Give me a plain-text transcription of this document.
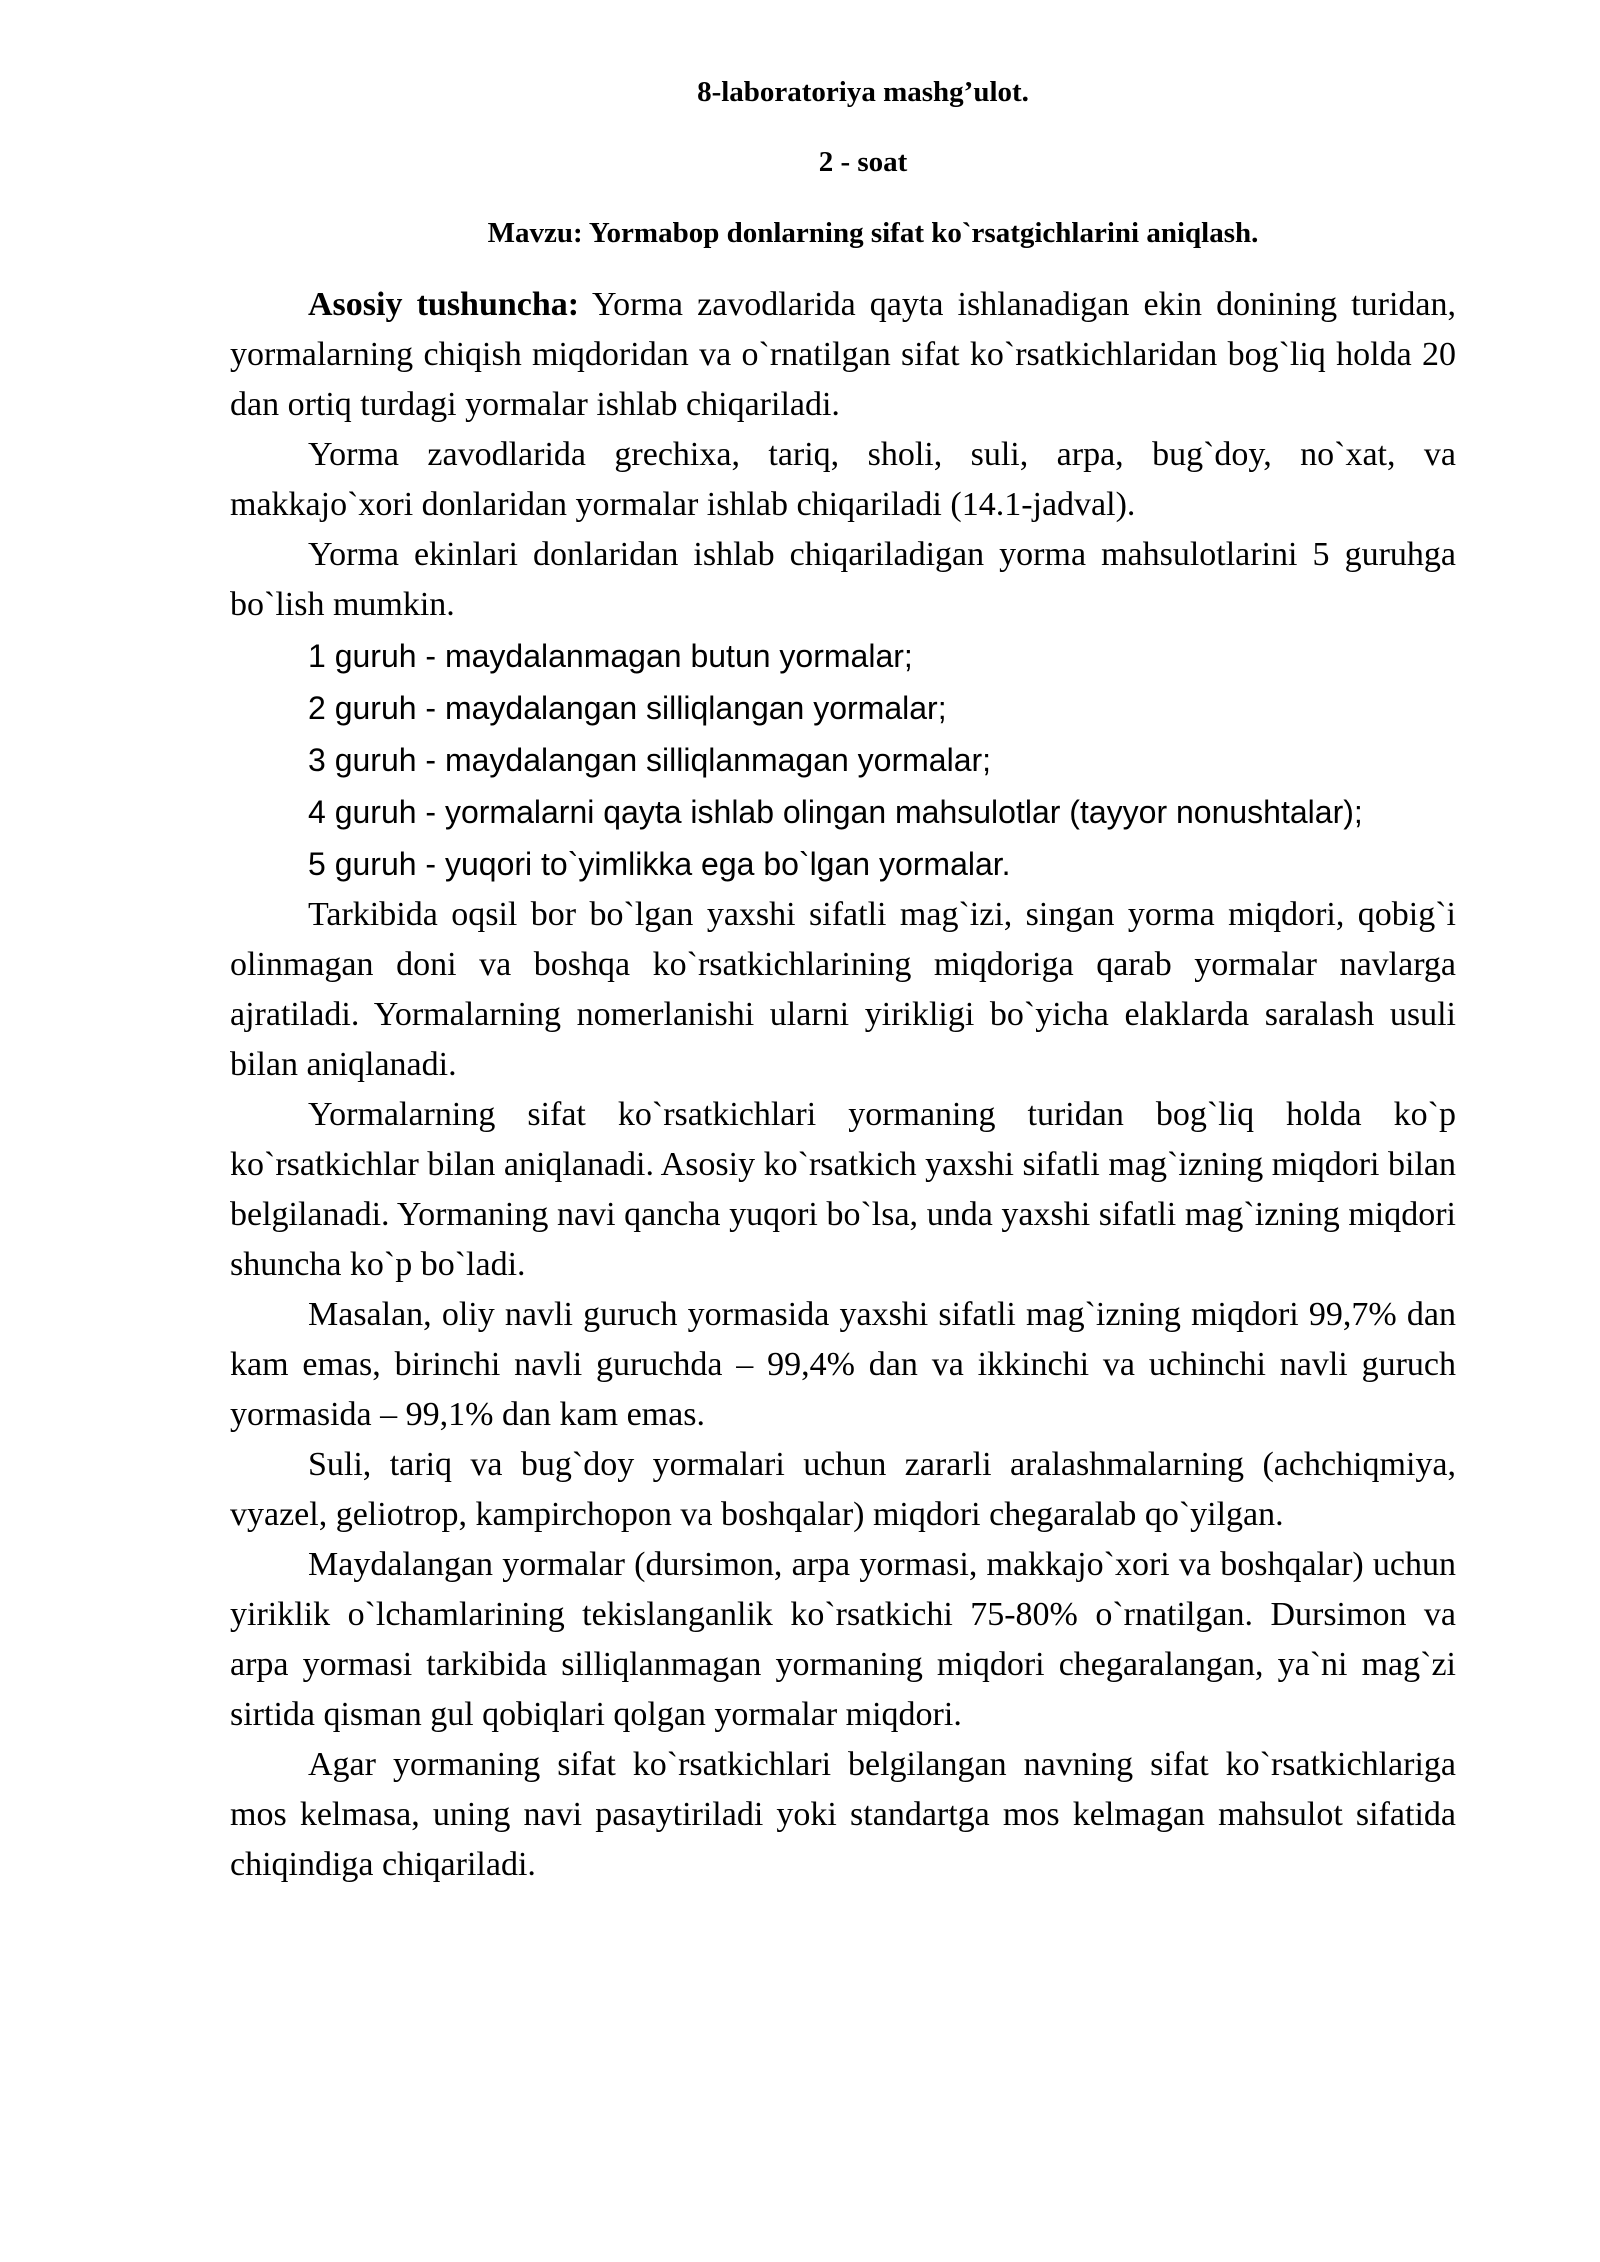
8-laboratoriya mashg’ulot.

2 - soat

Mavzu: Yormabop donlarning sifat ko`rsatgichlarini aniqlash.

Asosiy tushuncha: Yorma zavodlarida qayta ishlanadigan ekin donining turidan, yormalarning chiqish miqdoridan va o`rnatilgan sifat ko`rsatkichlaridan bog`liq holda 20 dan ortiq turdagi yormalar ishlab chiqariladi.

Yorma zavodlarida grechixa, tariq, sholi, suli, arpa, bug`doy, no`xat, va makkajo`xori donlaridan yormalar ishlab chiqariladi (14.1-jadval).

Yorma ekinlari donlaridan ishlab chiqariladigan yorma mahsulotlarini 5 guruhga bo`lish mumkin.

1 guruh - maydalanmagan butun yormalar;

2 guruh - maydalangan silliqlangan yormalar;

3 guruh - maydalangan silliqlanmagan yormalar;

4 guruh - yormalarni qayta ishlab olingan mahsulotlar (tayyor nonushtalar);

5 guruh - yuqori to`yimlikka ega bo`lgan yormalar.

Tarkibida oqsil bor bo`lgan yaxshi sifatli mag`izi, singan yorma miqdori, qobig`i olinmagan doni va boshqa ko`rsatkichlarining miqdoriga qarab yormalar navlarga ajratiladi. Yormalarning nomerlanishi ularni yirikligi bo`yicha elaklarda saralash usuli bilan aniqlanadi.

Yormalarning sifat ko`rsatkichlari yormaning turidan bog`liq holda ko`p ko`rsatkichlar bilan aniqlanadi. Asosiy ko`rsatkich yaxshi sifatli mag`izning miqdori bilan belgilanadi. Yormaning navi qancha yuqori bo`lsa, unda yaxshi sifatli mag`izning miqdori shuncha ko`p bo`ladi.

Masalan, oliy navli guruch yormasida yaxshi sifatli mag`izning miqdori 99,7% dan kam emas, birinchi navli guruchda – 99,4% dan va ikkinchi va uchinchi navli guruch yormasida – 99,1% dan kam emas.

Suli, tariq va bug`doy yormalari uchun zararli aralashmalarning (achchiqmiya, vyazel, geliotrop, kampirchopon va boshqalar) miqdori chegaralab qo`yilgan.

Maydalangan yormalar (dursimon, arpa yormasi, makkajo`xori va boshqalar) uchun yiriklik o`lchamlarining tekislanganlik ko`rsatkichi 75-80% o`rnatilgan. Dursimon va arpa yormasi tarkibida silliqlanmagan yormaning miqdori chegaralangan, ya`ni mag`zi sirtida qisman gul qobiqlari qolgan yormalar miqdori.

Agar yormaning sifat ko`rsatkichlari belgilangan navning sifat ko`rsatkichlariga mos kelmasa, uning navi pasaytiriladi yoki standartga mos kelmagan mahsulot sifatida chiqindiga chiqariladi.
